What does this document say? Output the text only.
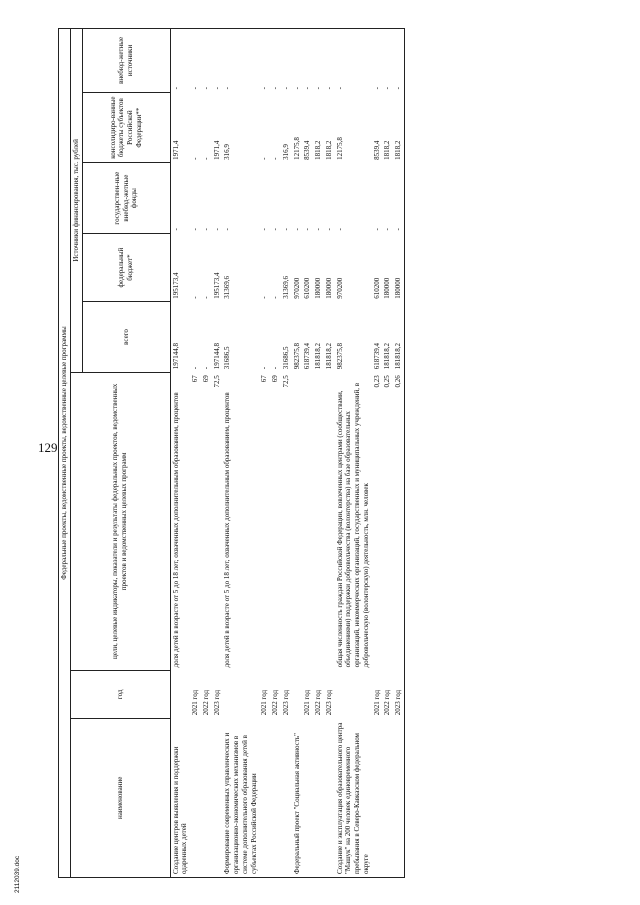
129
2112039.doc
Федеральные проекты, ведомственные проекты, ведомственные целевые программы							
наименование	год	цели, целевые индикаторы, показатели и результаты федеральных проектов, ведомственных проектов и ведомственных целевых программ	Источники финансирования, тыс. рублей				
			всего	федеральный бюджет*	государствен-ные внебюд-жетные фонды	консолидиро-ванные бюджеты субъектов Российской Федерации**	внебюд-жетные источники
Создание центров выявления и поддержки одаренных детей		доля детей в возрасте от 5 до 18 лет, охваченных дополнительным образованием, процентов	197144,8	195173,4	-	1971,4	-
	2021 год	67	-	-	-	-	-
	2022 год	69	-	-	-	-	-
	2023 год	72,5	197144,8	195173,4	-	1971,4	-
Формирование современных управленческих и организационно-экономических механизмов в системе дополнительного образования детей в субъектах Российской Федерации		доля детей в возрасте от 5 до 18 лет, охваченных дополнительным образованием, процентов	31686,5	31369,6	-	316,9	-
	2021 год	67	-	-	-	-	-
	2022 год	69	-	-	-	-	-
	2023 год	72,5	31686,5	31369,6	-	316,9	-
Федеральный проект "Социальная активность"			982375,8	970200	-	12175,8	-
	2021 год		618739,4	610200	-	8539,4	-
	2022 год		181818,2	180000	-	1818,2	-
	2023 год		181818,2	180000	-	1818,2	-
Создание и эксплуатация образовательного центра "Машук" на 200 человек единовременного пребывания в Северо-Кавказском федеральном округе		общая численность граждан Российской Федерации, вовлеченных центрами (сообществами, объединениями) поддержки добровольчества (волонтерства) на базе образовательных организаций, некоммерческих организаций, государственных и муниципальных учреждений, в добровольческую (волонтерскую) деятельность, млн. человек	982375,8	970200	-	12175,8	-
	2021 год	0,23	618739,4	610200	-	8539,4	-
	2022 год	0,25	181818,2	180000	-	1818,2	-
	2023 год	0,26	181818,2	180000	-	1818,2	-
